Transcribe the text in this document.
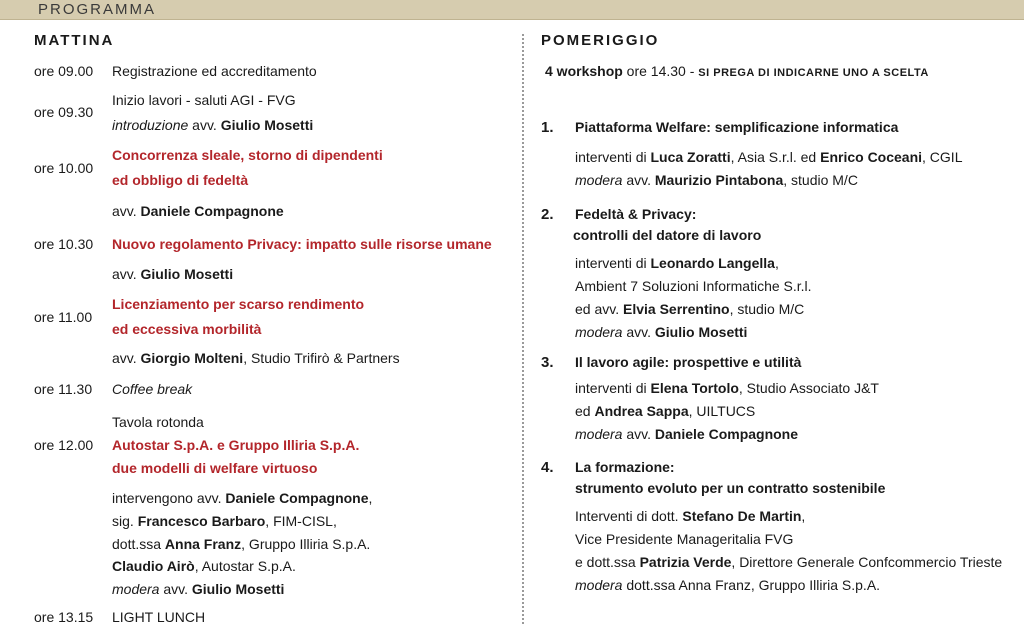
PROGRAMMA
MATTINA
ore 09.00 Registrazione ed accreditamento
ore 09.30
Inizio lavori - saluti AGI - FVG
introduzione avv. Giulio Mosetti
ore 10.00
Concorrenza sleale, storno di dipendenti
ed obbligo di fedeltà
avv. Daniele Compagnone
ore 10.30 Nuovo regolamento Privacy: impatto sulle risorse umane
avv. Giulio Mosetti
ore 11.00
Licenziamento per scarso rendimento
ed eccessiva morbilità
avv. Giorgio Molteni, Studio Trifirò & Partners
ore 11.30 Coffee break
Tavola rotonda
ore 12.00 Autostar S.p.A. e Gruppo Illiria S.p.A.
due modelli di welfare virtuoso
intervengono avv. Daniele Compagnone,
sig. Francesco Barbaro, FIM-CISL,
dott.ssa Anna Franz, Gruppo Illiria S.p.A.
Claudio Airò, Autostar S.p.A.
modera avv. Giulio Mosetti
ore 13.15 LIGHT LUNCH
POMERIGGIO
4 workshop ore 14.30 - SI PREGA DI INDICARNE UNO A SCELTA
1. Piattaforma Welfare: semplificazione informatica
interventi di Luca Zoratti, Asia S.r.l. ed Enrico Coceani, CGIL
modera avv. Maurizio Pintabona, studio M/C
2. Fedeltà & Privacy:
controlli del datore di lavoro
interventi di Leonardo Langella,
Ambient 7 Soluzioni Informatiche S.r.l.
ed avv. Elvia Serrentino, studio M/C
modera avv. Giulio Mosetti
3. Il lavoro agile: prospettive e utilità
interventi di Elena Tortolo, Studio Associato J&T
ed Andrea Sappa, UILTUCS
modera avv. Daniele Compagnone
4. La formazione:
strumento evoluto per un contratto sostenibile
Interventi di dott. Stefano De Martin,
Vice Presidente Manageritalia FVG
e dott.ssa Patrizia Verde, Direttore Generale Confcommercio Trieste
modera dott.ssa Anna Franz, Gruppo Illiria S.p.A.
